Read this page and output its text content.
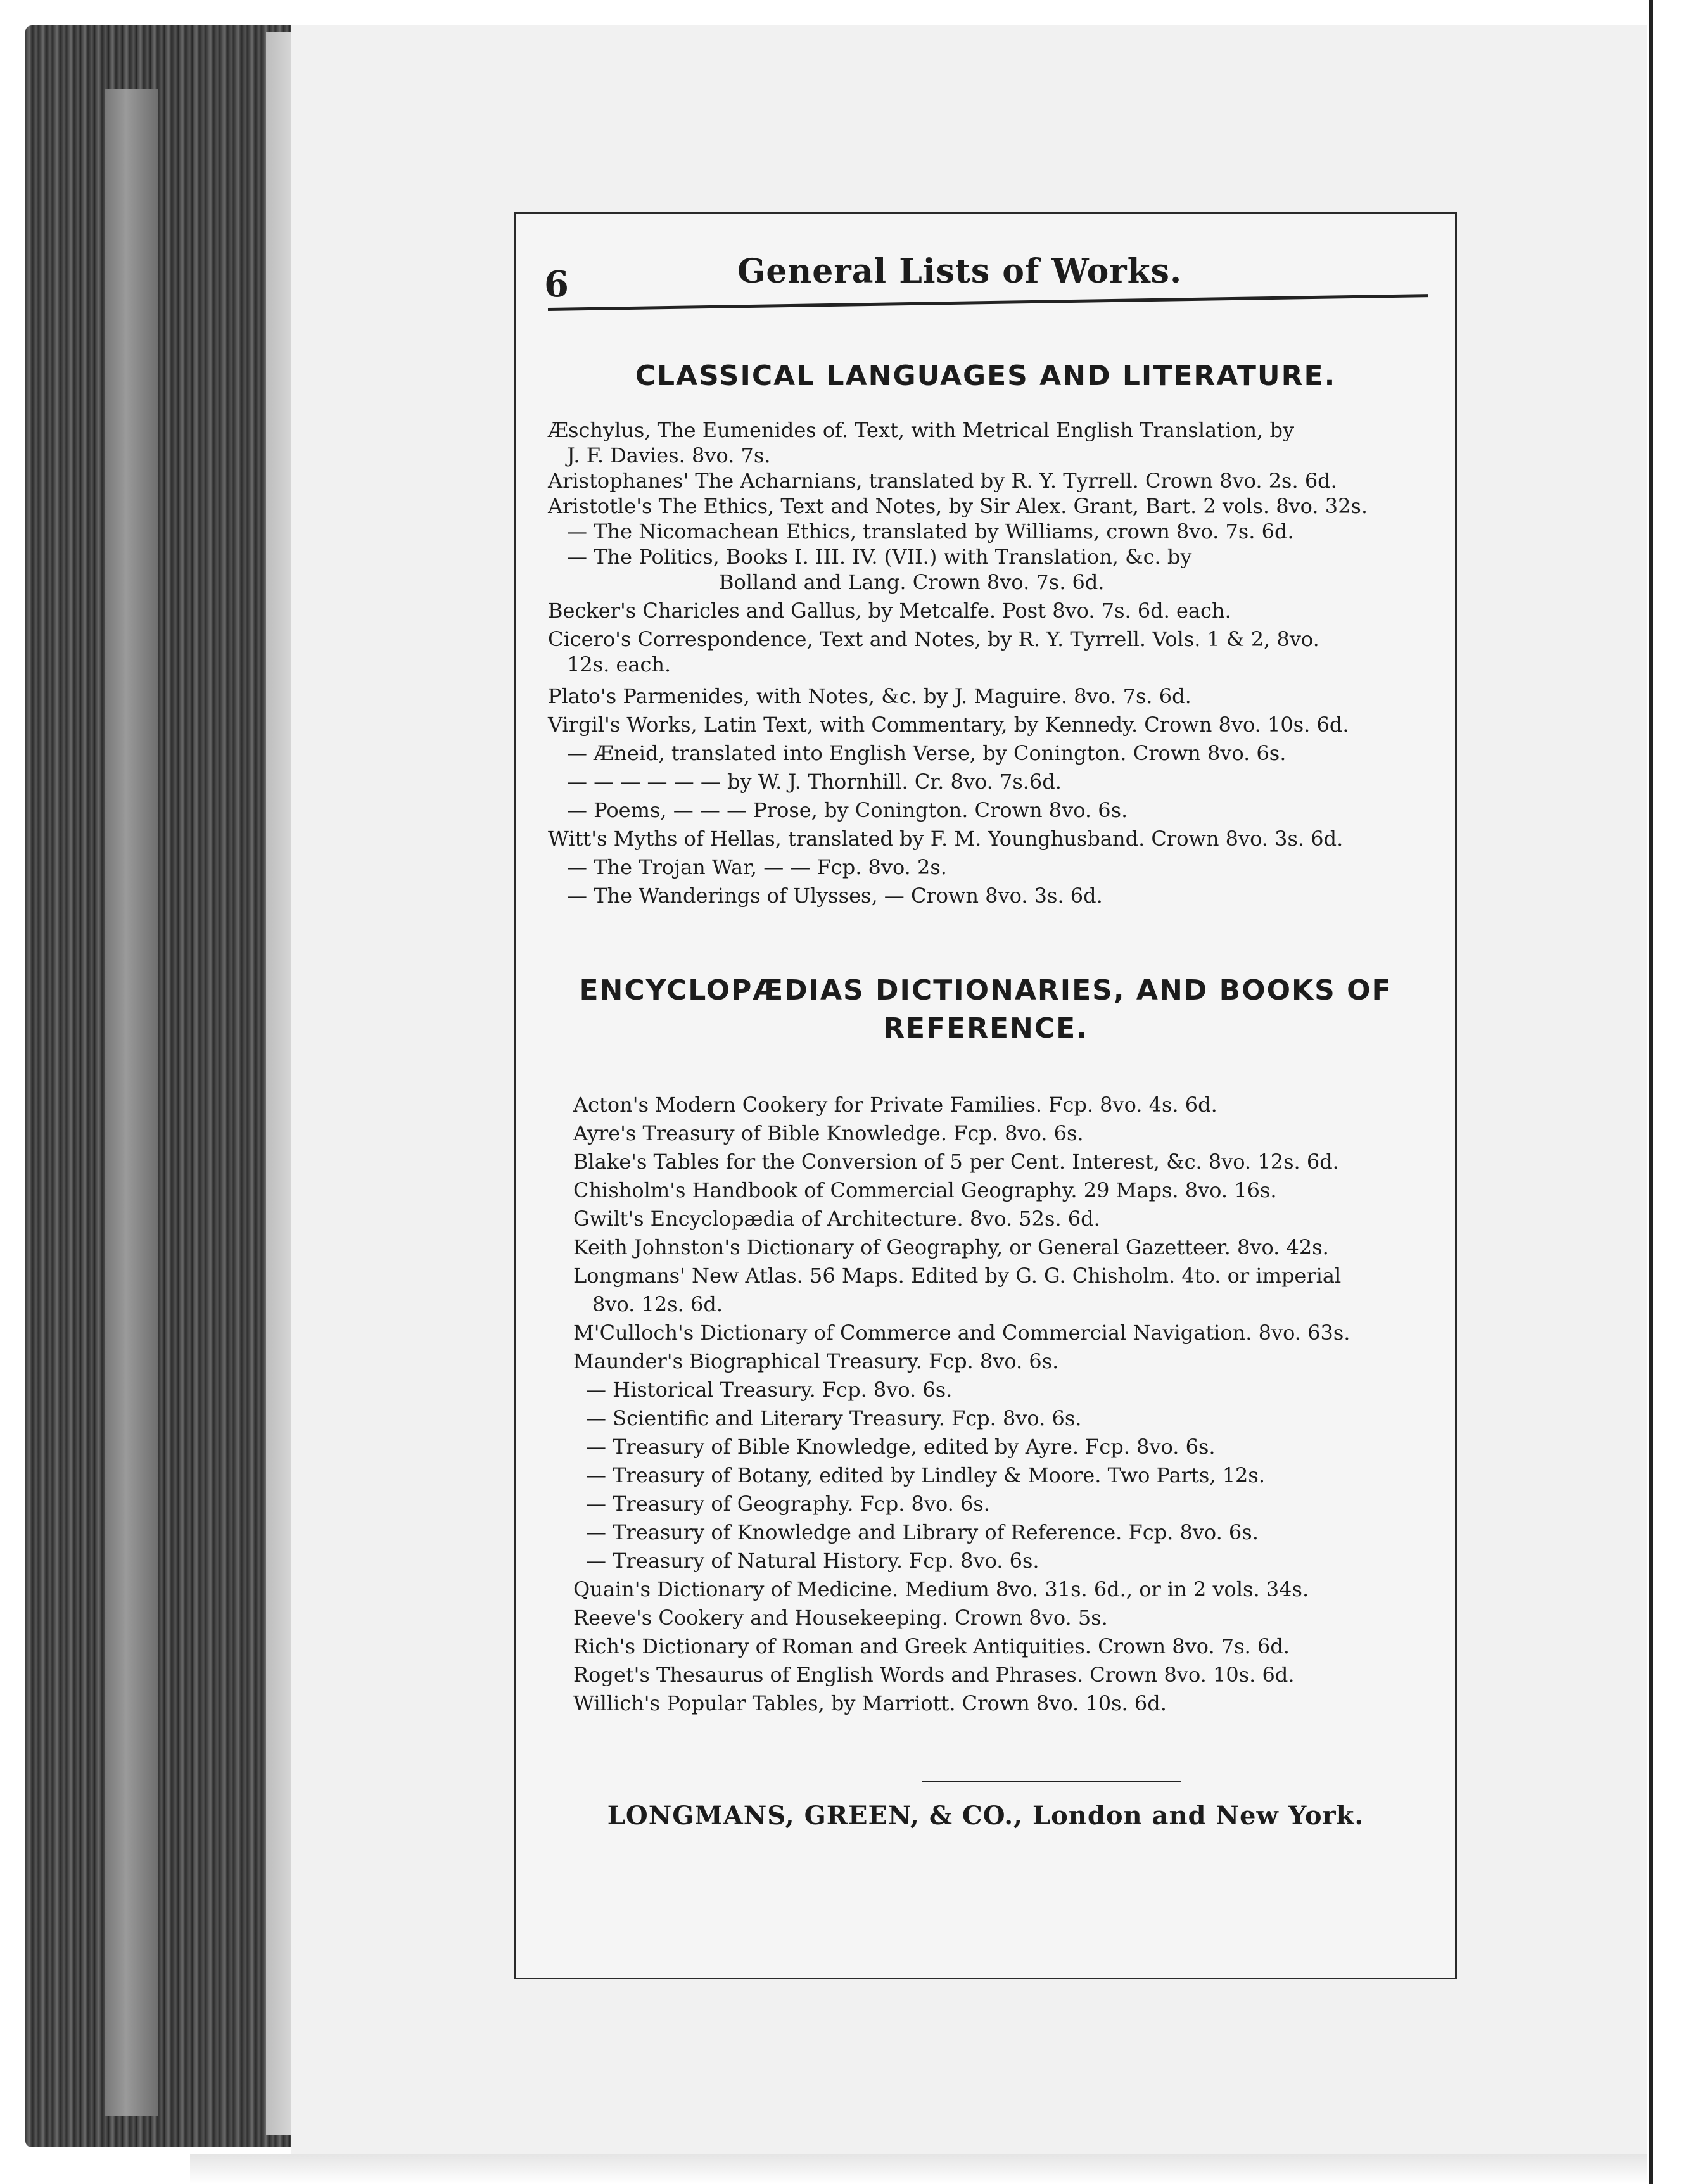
6	General Lists of Works.
CLASSICAL LANGUAGES AND LITERATURE.
Æschylus, The Eumenides of. Text, with Metrical English Translation, by
J. F. Davies. 8vo. 7s.
Aristophanes' The Acharnians, translated by R. Y. Tyrrell. Crown 8vo. 2s. 6d.
Aristotle's The Ethics, Text and Notes, by Sir Alex. Grant, Bart. 2 vols. 8vo. 32s.
— The Nicomachean Ethics, translated by Williams, crown 8vo. 7s. 6d.
— The Politics, Books I. III. IV. (VII.) with Translation, &c. by
Bolland and Lang. Crown 8vo. 7s. 6d.
Becker's Charicles and Gallus, by Metcalfe. Post 8vo. 7s. 6d. each.
Cicero's Correspondence, Text and Notes, by R. Y. Tyrrell. Vols. 1 & 2, 8vo.
12s. each.
Plato's Parmenides, with Notes, &c. by J. Maguire. 8vo. 7s. 6d.
Virgil's Works, Latin Text, with Commentary, by Kennedy. Crown 8vo. 10s. 6d.
— Æneid, translated into English Verse, by Conington. Crown 8vo. 6s.
— — — — — — by W. J. Thornhill. Cr. 8vo. 7s.6d.
— Poems, — — — Prose, by Conington. Crown 8vo. 6s.
Witt's Myths of Hellas, translated by F. M. Younghusband. Crown 8vo. 3s. 6d.
— The Trojan War, — — Fcp. 8vo. 2s.
— The Wanderings of Ulysses, — Crown 8vo. 3s. 6d.
ENCYCLOPÆDIAS DICTIONARIES, AND BOOKS OF
REFERENCE.
Acton's Modern Cookery for Private Families. Fcp. 8vo. 4s. 6d.
Ayre's Treasury of Bible Knowledge. Fcp. 8vo. 6s.
Blake's Tables for the Conversion of 5 per Cent. Interest, &c. 8vo. 12s. 6d.
Chisholm's Handbook of Commercial Geography. 29 Maps. 8vo. 16s.
Gwilt's Encyclopædia of Architecture. 8vo. 52s. 6d.
Keith Johnston's Dictionary of Geography, or General Gazetteer. 8vo. 42s.
Longmans' New Atlas. 56 Maps. Edited by G. G. Chisholm. 4to. or imperial
8vo. 12s. 6d.
M'Culloch's Dictionary of Commerce and Commercial Navigation. 8vo. 63s.
Maunder's Biographical Treasury. Fcp. 8vo. 6s.
— Historical Treasury. Fcp. 8vo. 6s.
— Scientific and Literary Treasury. Fcp. 8vo. 6s.
— Treasury of Bible Knowledge, edited by Ayre. Fcp. 8vo. 6s.
— Treasury of Botany, edited by Lindley & Moore. Two Parts, 12s.
— Treasury of Geography. Fcp. 8vo. 6s.
— Treasury of Knowledge and Library of Reference. Fcp. 8vo. 6s.
— Treasury of Natural History. Fcp. 8vo. 6s.
Quain's Dictionary of Medicine. Medium 8vo. 31s. 6d., or in 2 vols. 34s.
Reeve's Cookery and Housekeeping. Crown 8vo. 5s.
Rich's Dictionary of Roman and Greek Antiquities. Crown 8vo. 7s. 6d.
Roget's Thesaurus of English Words and Phrases. Crown 8vo. 10s. 6d.
Willich's Popular Tables, by Marriott. Crown 8vo. 10s. 6d.
LONGMANS, GREEN, & CO., London and New York.
